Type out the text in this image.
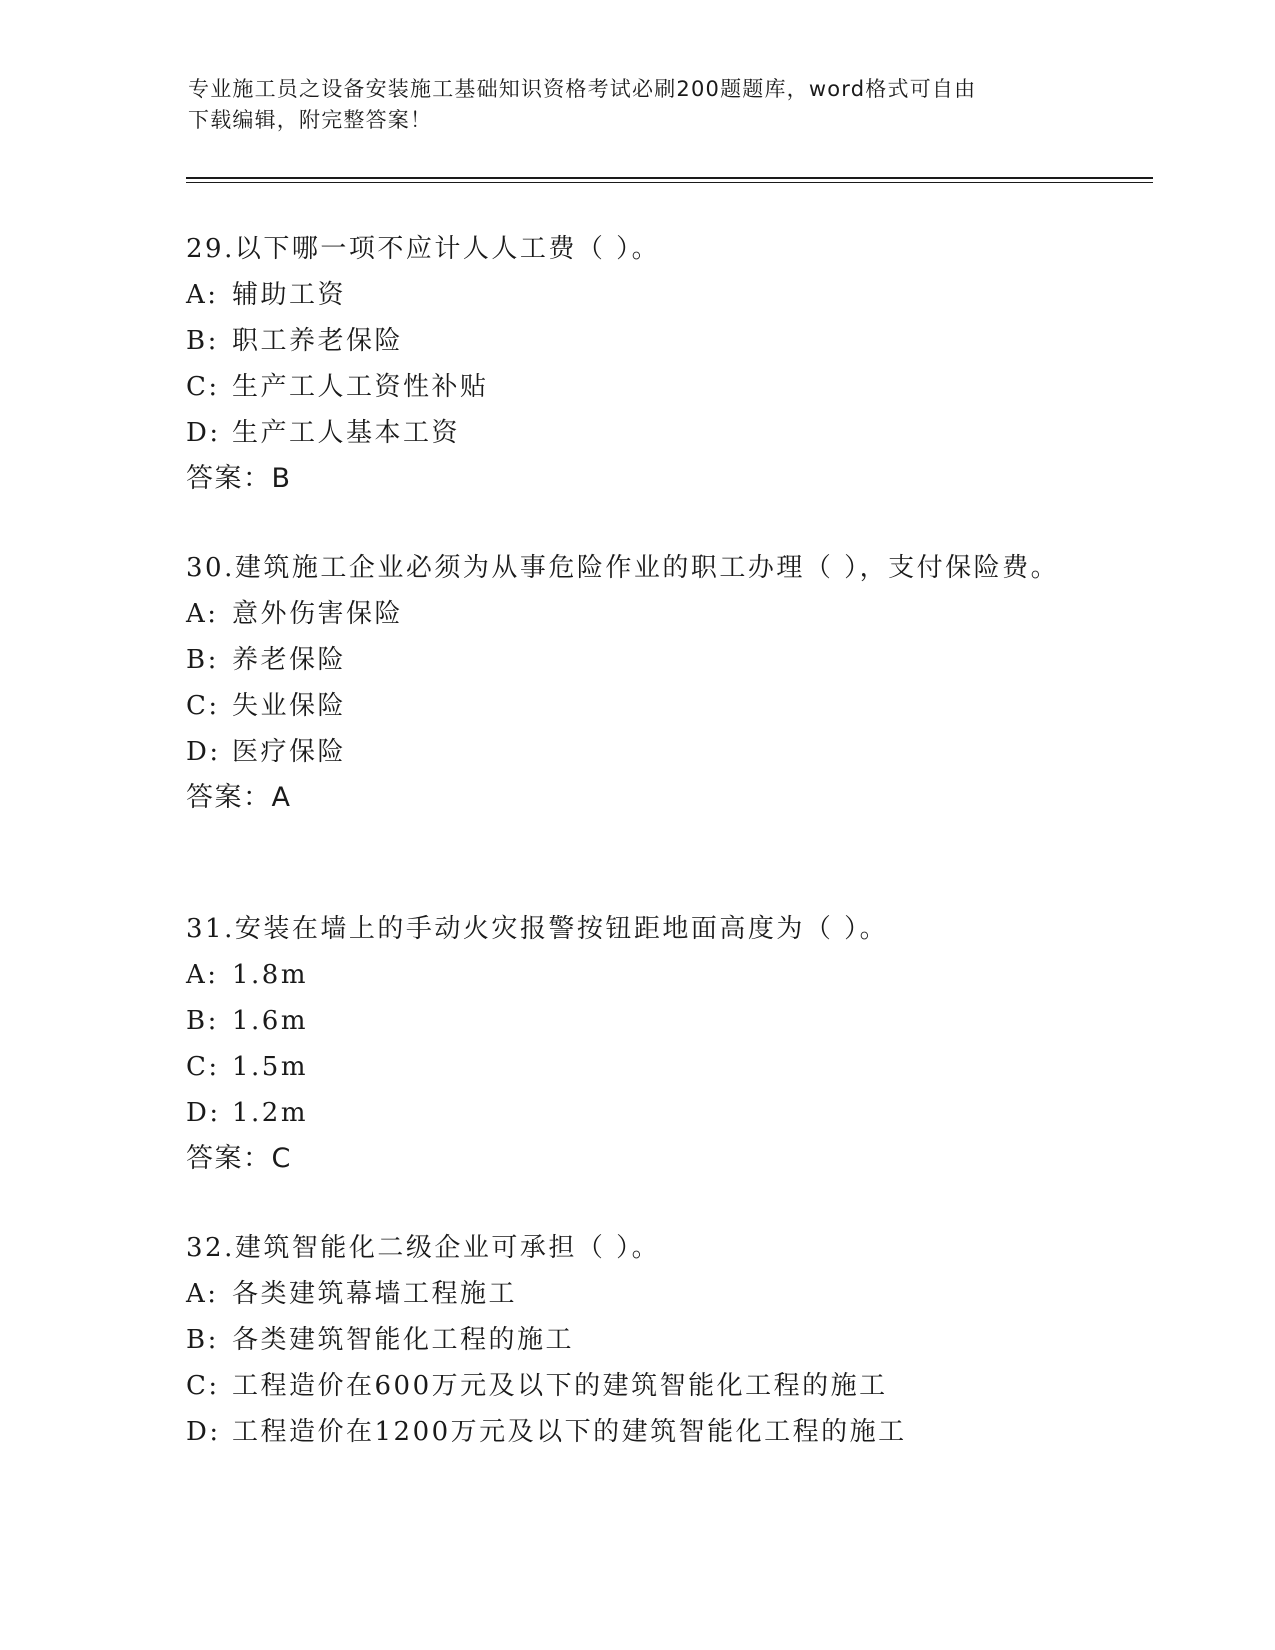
专业施工员之设备安装施工基础知识资格考试必刷200题题库，word格式可自由
下载编辑，附完整答案！

29.以下哪一项不应计人人工费（ ）。

A: 辅助工资
B: 职工养老保险
C: 生产工人工资性补贴
D: 生产工人基本工资

答案：B

30.建筑施工企业必须为从事危险作业的职工办理（ ），支付保险费。

A: 意外伤害保险
B: 养老保险
C: 失业保险
D: 医疗保险

答案：A

31.安装在墙上的手动火灾报警按钮距地面高度为（ ）。

A: 1.8m
B: 1.6m
C: 1.5m
D: 1.2m

答案：C

32.建筑智能化二级企业可承担（ ）。

A: 各类建筑幕墙工程施工
B: 各类建筑智能化工程的施工
C: 工程造价在600万元及以下的建筑智能化工程的施工
D: 工程造价在1200万元及以下的建筑智能化工程的施工
